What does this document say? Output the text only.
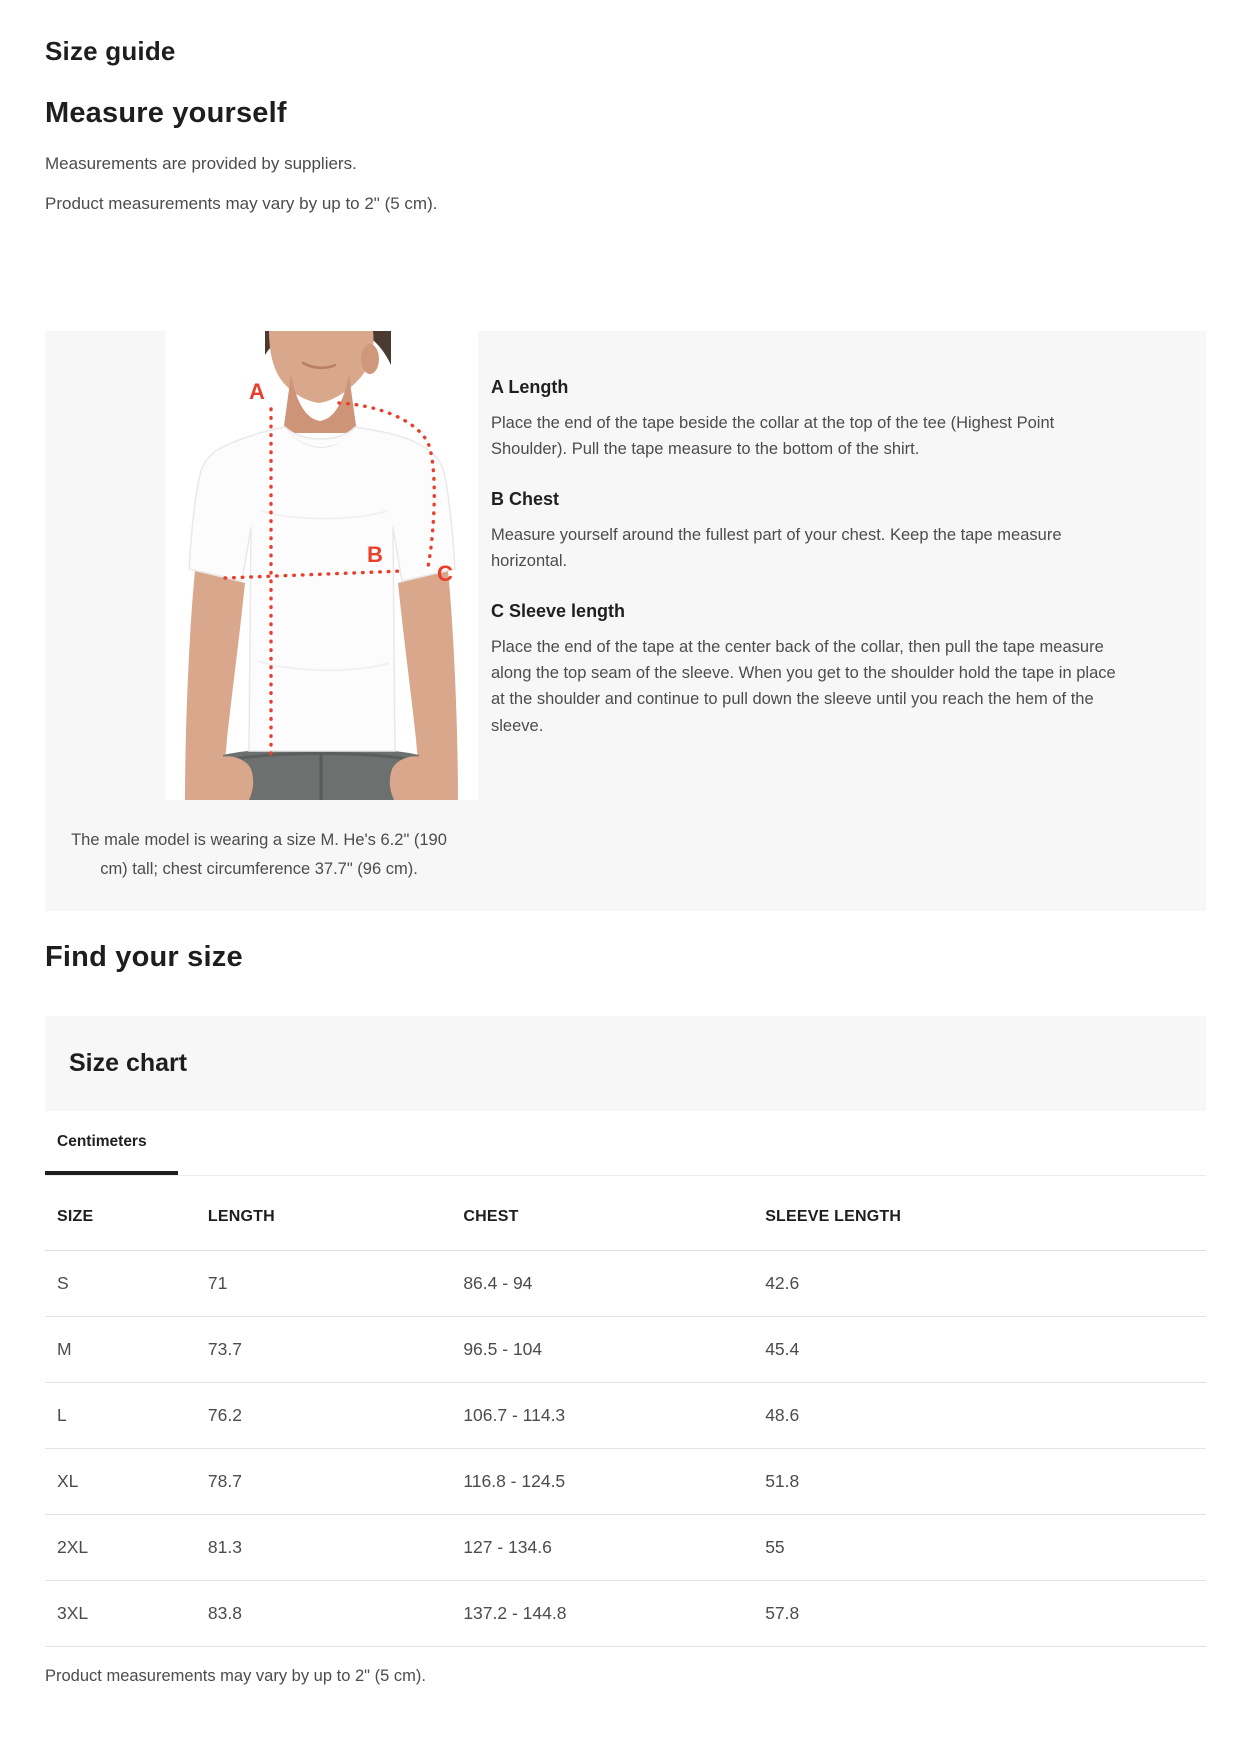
Size guide
Measure yourself

Measurements are provided by suppliers.

Product measurements may vary by up to 2" (5 cm).

A
B
C

The male model is wearing a size M. He's 6.2" (190 cm) tall; chest circumference 37.7" (96 cm).

A Length
Place the end of the tape beside the collar at the top of the tee (Highest Point Shoulder). Pull the tape measure to the bottom of the shirt.
B Chest
Measure yourself around the fullest part of your chest. Keep the tape measure horizontal.
C Sleeve length
Place the end of the tape at the center back of the collar, then pull the tape measure along the top seam of the sleeve. When you get to the shoulder hold the tape in place at the shoulder and continue to pull down the sleeve until you reach the hem of the sleeve.
Find your size
Size chart
Centimeters
SIZE	LENGTH	CHEST	SLEEVE LENGTH
S	71	86.4 - 94	42.6
M	73.7	96.5 - 104	45.4
L	76.2	106.7 - 114.3	48.6
XL	78.7	116.8 - 124.5	51.8
2XL	81.3	127 - 134.6	55
3XL	83.8	137.2 - 144.8	57.8

Product measurements may vary by up to 2" (5 cm).
